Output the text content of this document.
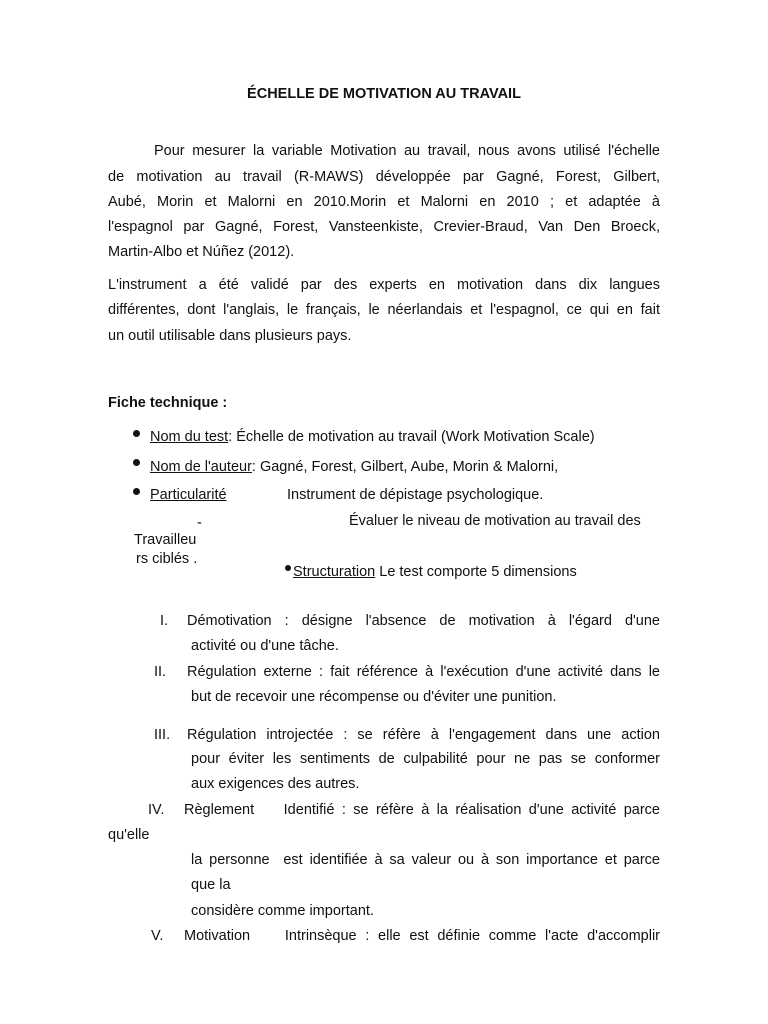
ÉCHELLE DE MOTIVATION AU TRAVAIL
Pour mesurer la variable Motivation au travail, nous avons utilisé l'échelle
de motivation au travail (R-MAWS) développée par Gagné, Forest, Gilbert,
Aubé, Morin et Malorni en 2010.Morin et Malorni en 2010 ; et adaptée à
l'espagnol par Gagné, Forest, Vansteenkiste, Crevier-Braud, Van Den Broeck,
Martin-Albo et Núñez (2012).
L'instrument a été validé par des experts en motivation dans dix langues
différentes, dont l'anglais, le français, le néerlandais et l'espagnol, ce qui en fait
un outil utilisable dans plusieurs pays.
Fiche technique :
Nom du test: Échelle de motivation au travail (Work Motivation Scale)
Nom de l'auteur: Gagné, Forest, Gilbert, Aube, Morin & Malorni,
Particularité	Instrument de dépistage psychologique.
-	Évaluer le niveau de motivation au travail des
Travailleu
rs ciblés .
Structuration Le test comporte 5 dimensions
I. Démotivation : désigne l'absence de motivation à l'égard d'une
activité ou d'une tâche.
II. Régulation externe : fait référence à l'exécution d'une activité dans le
but de recevoir une récompense ou d'éviter une punition.
III. Régulation introjectée : se réfère à l'engagement dans une action
pour éviter les sentiments de culpabilité pour ne pas se conformer
aux exigences des autres.
IV. Règlement    Identifié : se réfère à la réalisation d'une activité parce
qu'elle
la personne  est identifiée à sa valeur ou à son importance et parce
que la
considère comme important.
V. Motivation    Intrinsèque : elle est définie comme l'acte d'accomplir
